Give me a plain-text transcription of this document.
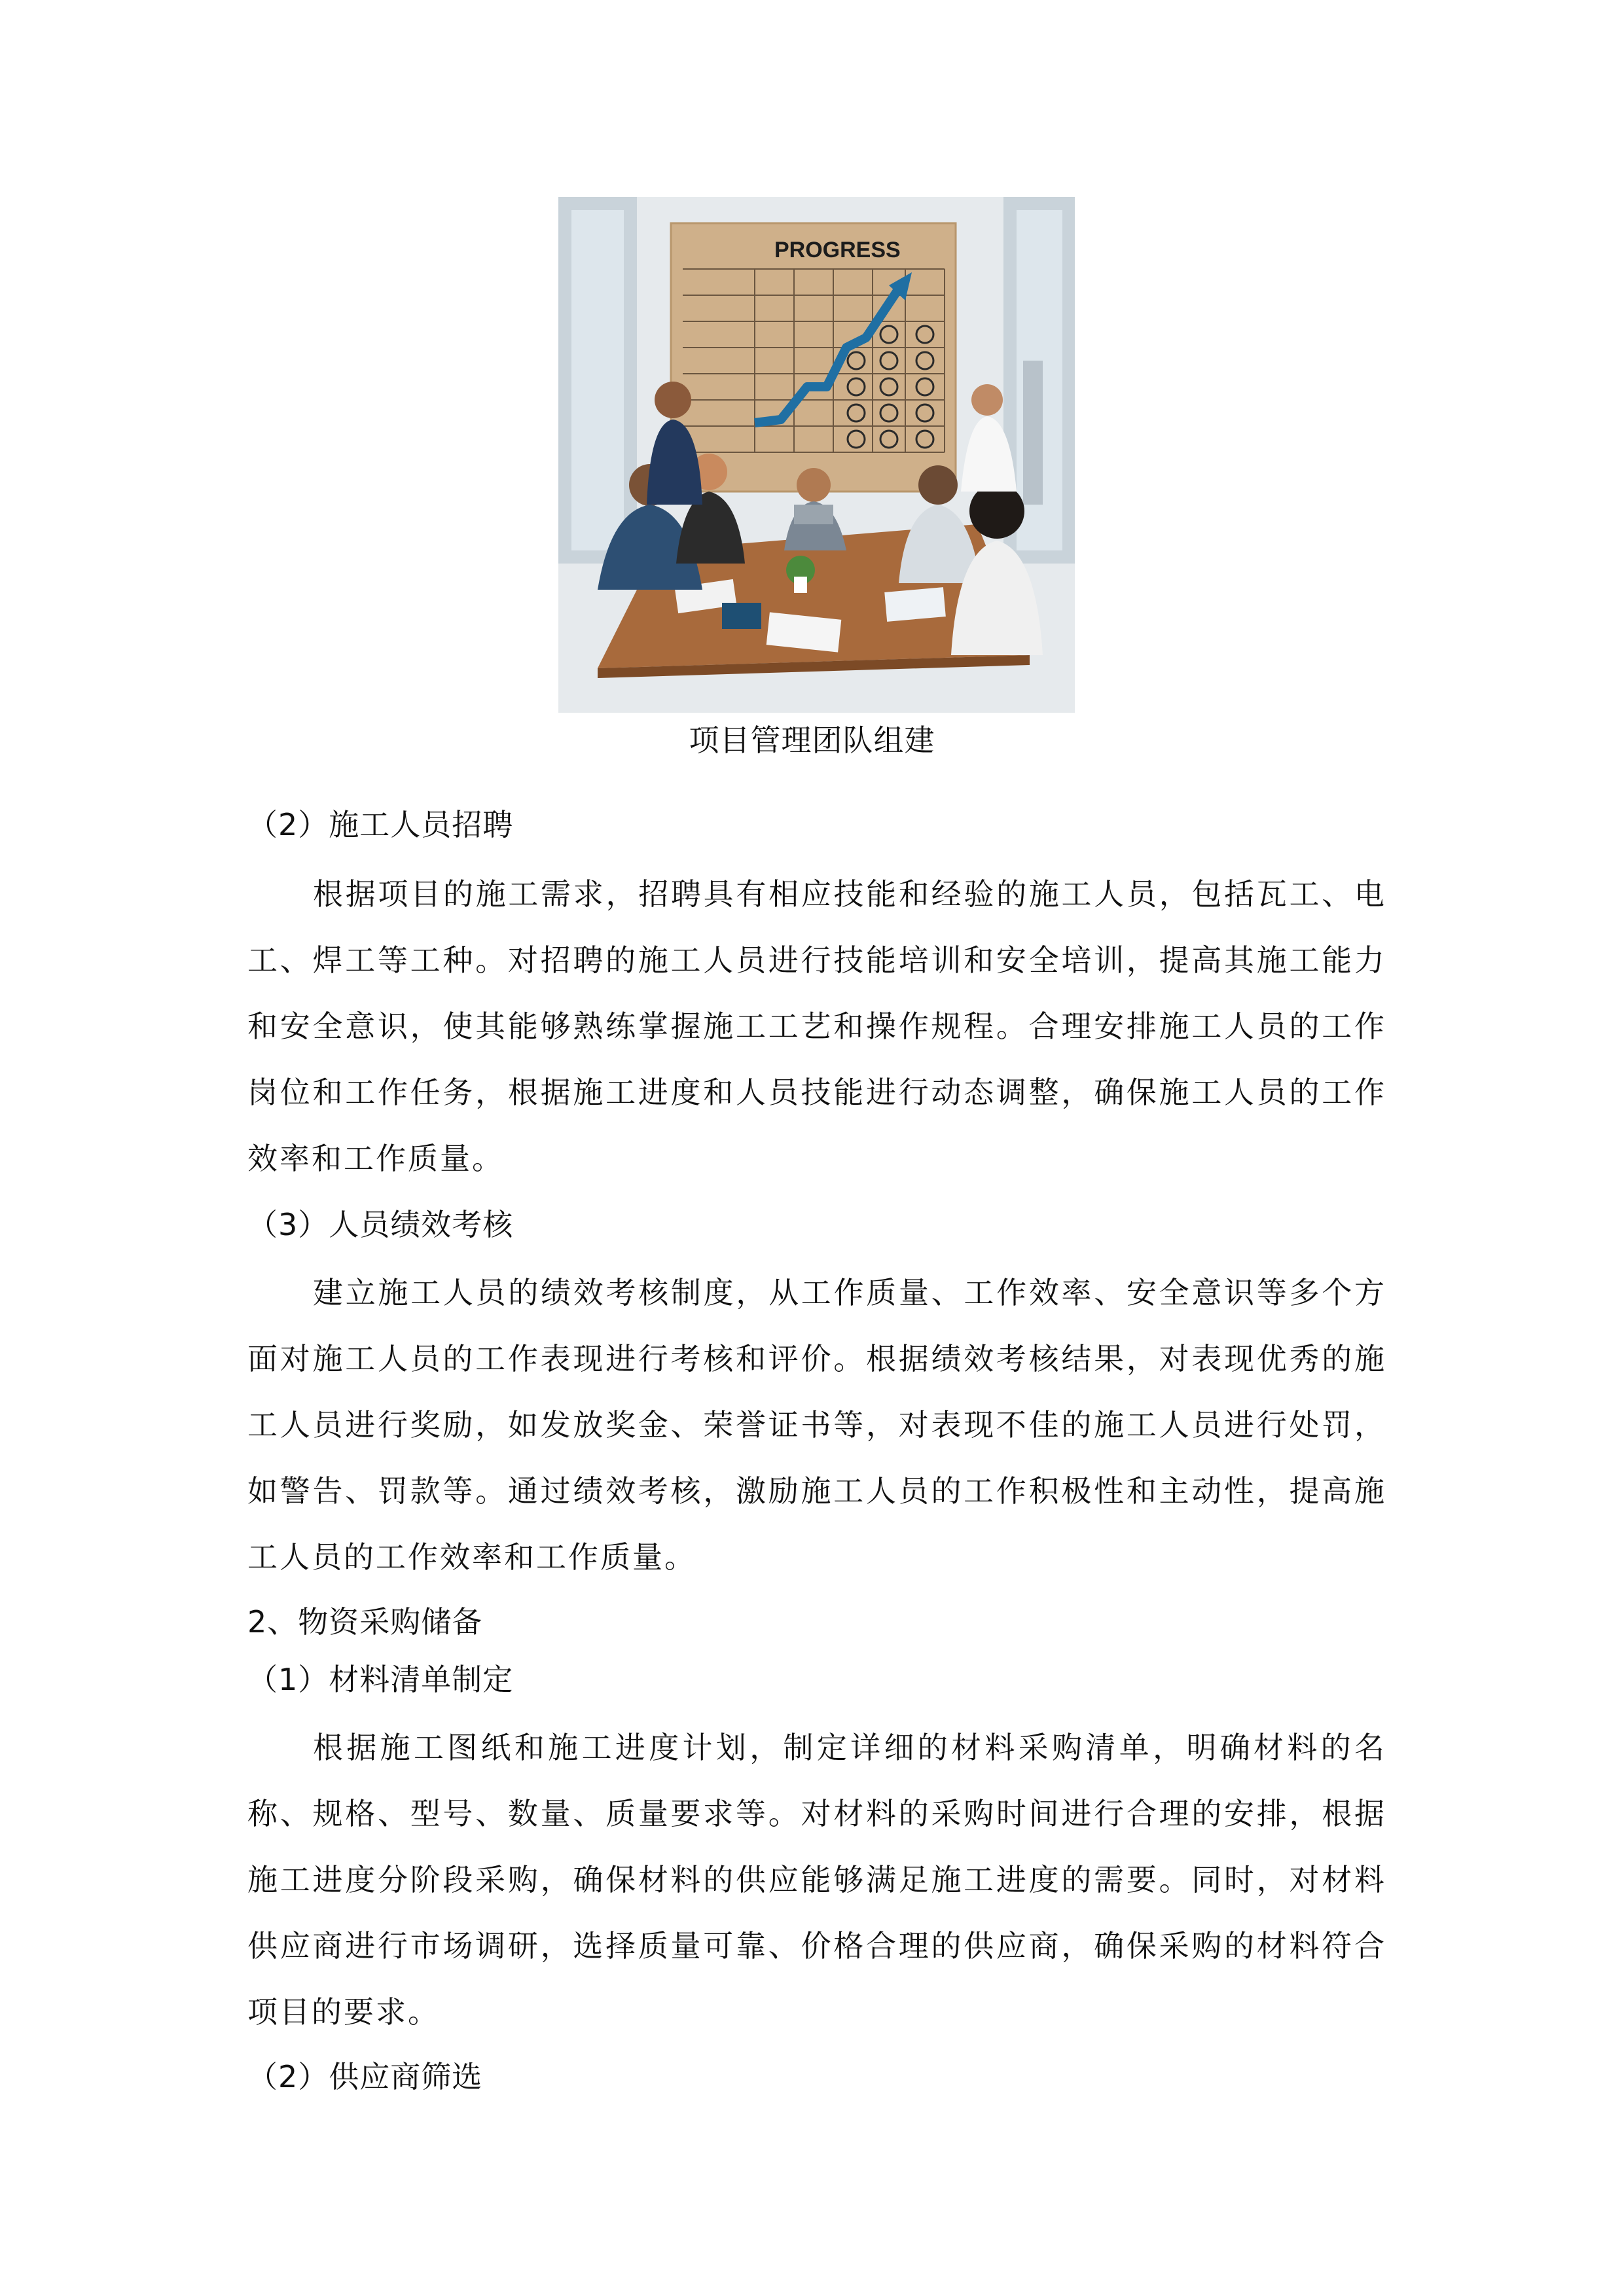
PROGRESS
项目管理团队组建
（2）施工人员招聘

根据项目的施工需求，招聘具有相应技能和经验的施工人员，包括瓦工、电工、焊工等工种。对招聘的施工人员进行技能培训和安全培训，提高其施工能力和安全意识，使其能够熟练掌握施工工艺和操作规程。合理安排施工人员的工作岗位和工作任务，根据施工进度和人员技能进行动态调整，确保施工人员的工作效率和工作质量。

（3）人员绩效考核

建立施工人员的绩效考核制度，从工作质量、工作效率、安全意识等多个方面对施工人员的工作表现进行考核和评价。根据绩效考核结果，对表现优秀的施工人员进行奖励，如发放奖金、荣誉证书等，对表现不佳的施工人员进行处罚，如警告、罚款等。通过绩效考核，激励施工人员的工作积极性和主动性，提高施工人员的工作效率和工作质量。

2、物资采购储备
（1）材料清单制定

根据施工图纸和施工进度计划，制定详细的材料采购清单，明确材料的名称、规格、型号、数量、质量要求等。对材料的采购时间进行合理的安排，根据施工进度分阶段采购，确保材料的供应能够满足施工进度的需要。同时，对材料供应商进行市场调研，选择质量可靠、价格合理的供应商，确保采购的材料符合项目的要求。

（2）供应商筛选
